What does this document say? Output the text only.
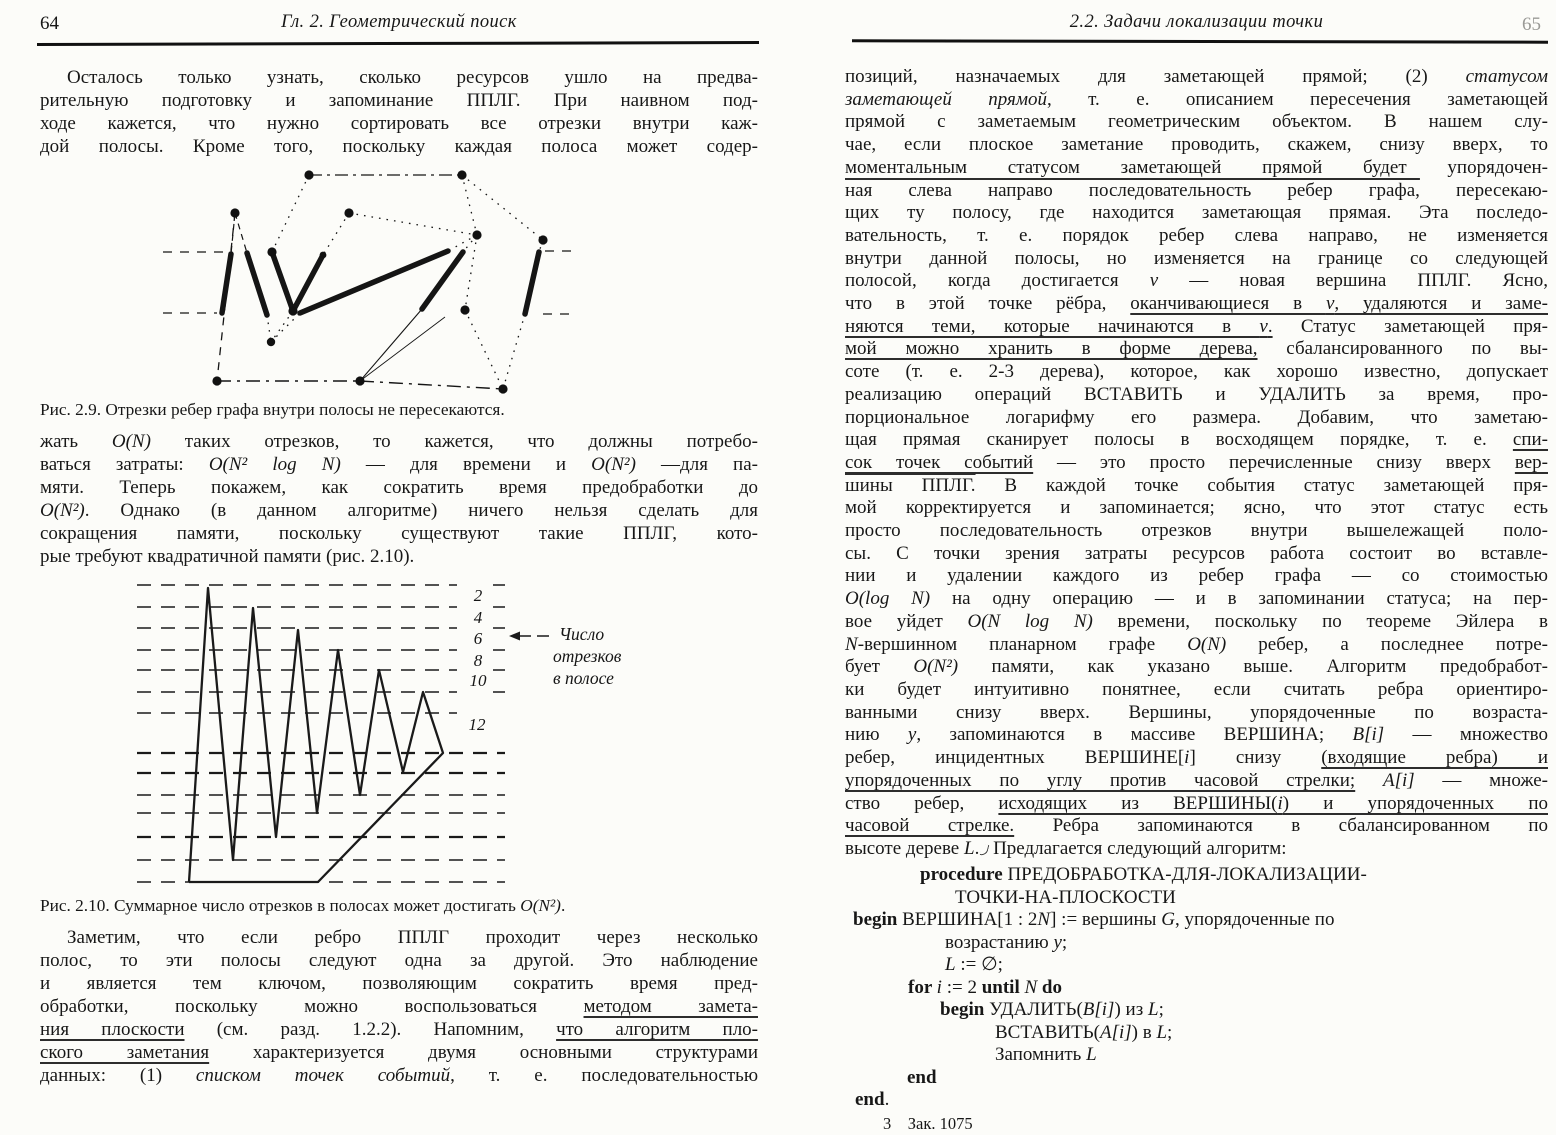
64	Гл. 2. Геометрический поиск
Осталось только узнать, сколько ресурсов ушло на предва-
рительную подготовку и запоминание ППЛГ. При наивном под-
ходе кажется, что нужно сортировать все отрезки внутри каж-
дой полосы. Кроме того, поскольку каждая полоса может содер-
Рис. 2.9. Отрезки ребер графа внутри полосы не пересекаются.
жать O(N) таких отрезков, то кажется, что должны потребо-
ваться затраты: O(N² log N) — для времени и O(N²) —для па-
мяти. Теперь покажем, как сократить время предобработки до
O(N²). Однако (в данном алгоритме) ничего нельзя сделать для
сокращения памяти, поскольку существуют такие ППЛГ, кото-
рые требуют квадратичной памяти (рис. 2.10).
2
4
6
8
10
12
Число
отрезков
в полосе
Рис. 2.10. Суммарное число отрезков в полосах может достигать O(N²).
Заметим, что если ребро ППЛГ проходит через несколько
полос, то эти полосы следуют одна за другой. Это наблюдение
и является тем ключом, позволяющим сократить время пред-
обработки, поскольку можно воспользоваться методом замета-
ния плоскости (см. разд. 1.2.2). Напомним, что алгоритм пло-
ского заметания характеризуется двумя основными структурами
данных: (1) списком точек событий, т. е. последовательностью
2.2. Задачи локализации точки	65
позиций, назначаемых для заметающей прямой; (2) статусом
заметающей прямой, т. е. описанием пересечения заметающей
прямой с заметаемым геометрическим объектом. В нашем слу-
чае, если плоское заметание проводить, скажем, снизу вверх, то
моментальным статусом заметающей прямой будет упорядочен-
ная слева направо последовательность ребер графа, пересекаю-
щих ту полосу, где находится заметающая прямая. Эта последо-
вательность, т. е. порядок ребер слева направо, не изменяется
внутри данной полосы, но изменяется на границе со следующей
полосой, когда достигается v — новая вершина ППЛГ. Ясно,
что в этой точке рёбра, оканчивающиеся в v, удаляются и заме-
няются теми, которые начинаются в v. Статус заметающей пря-
мой можно хранить в форме дерева, сбалансированного по вы-
соте (т. е. 2-3 дерева), которое, как хорошо известно, допускает
реализацию операций ВСТАВИТЬ и УДАЛИТЬ за время, про-
порциональное логарифму его размера. Добавим, что заметаю-
щая прямая сканирует полосы в восходящем порядке, т. е. спи-
сок точек событий — это просто перечисленные снизу вверх вер-
шины ППЛГ. В каждой точке события статус заметающей пря-
мой корректируется и запоминается; ясно, что этот статус есть
просто последовательность отрезков внутри вышележащей поло-
сы. С точки зрения затраты ресурсов работа состоит во вставле-
нии и удалении каждого из ребер графа — со стоимостью
O(log N) на одну операцию — и в запоминании статуса; на пер-
вое уйдет O(N log N) времени, поскольку по теореме Эйлера в
N-вершинном планарном графе O(N) ребер, а последнее потре-
бует O(N²) памяти, как указано выше. Алгоритм предобработ-
ки будет интуитивно понятнее, если считать ребра ориентиро-
ванными снизу вверх. Вершины, упорядоченные по возраста-
нию y, запоминаются в массиве ВЕРШИНА; B[i] — множество
ребер, инцидентных ВЕРШИНЕ[i] снизу (входящие ребра) и
упорядоченных по углу против часовой стрелки; A[i] — множе-
ство ребер, исходящих из ВЕРШИНЫ(i) и упорядоченных по
часовой стрелке. Ребра запоминаются в сбалансированном по
высоте дереве L. Предлагается следующий алгоритм:
procedure ПРЕДОБРАБОТКА-ДЛЯ-ЛОКАЛИЗАЦИИ-
ТОЧКИ-НА-ПЛОСКОСТИ
begin ВЕРШИНА[1 : 2N] := вершины G, упорядоченные по
возрастанию y;
L := ∅;
for i := 2 until N do
begin УДАЛИТЬ(B[i]) из L;
ВСТАВИТЬ(A[i]) в L;
Запомнить L
end
end.
3    Зак. 1075
